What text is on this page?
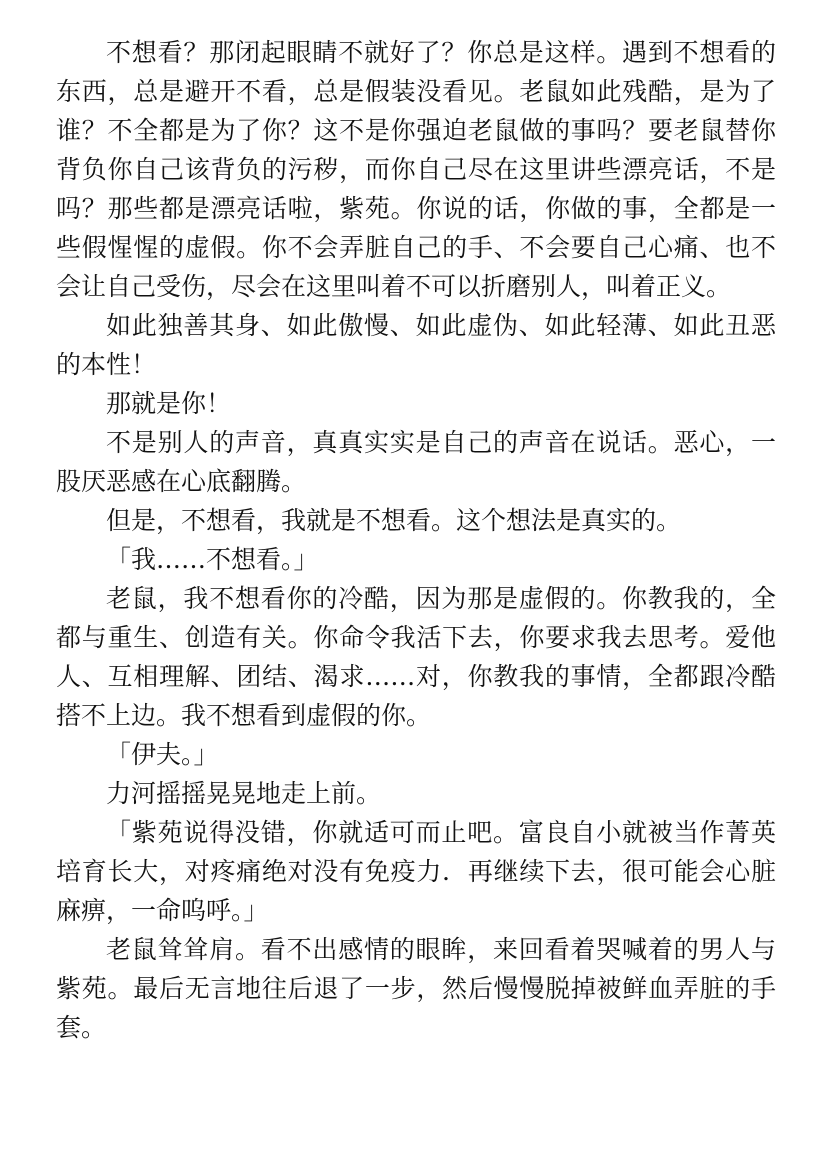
不想看？那闭起眼睛不就好了？你总是这样。遇到不想看的东西，总是避开不看，总是假装没看见。老鼠如此残酷，是为了谁？不全都是为了你？这不是你强迫老鼠做的事吗？要老鼠替你背负你自己该背负的污秽，而你自己尽在这里讲些漂亮话，不是吗？那些都是漂亮话啦，紫苑。你说的话，你做的事，全都是一些假惺惺的虚假。你不会弄脏自己的手、不会要自己心痛、也不会让自己受伤，尽会在这里叫着不可以折磨别人，叫着正义。

如此独善其身、如此傲慢、如此虚伪、如此轻薄、如此丑恶的本性！

那就是你！

不是别人的声音，真真实实是自己的声音在说话。恶心，一股厌恶感在心底翻腾。

但是，不想看，我就是不想看。这个想法是真实的。

「我……不想看。」

老鼠，我不想看你的冷酷，因为那是虚假的。你教我的，全都与重生、创造有关。你命令我活下去，你要求我去思考。爱他人、互相理解、团结、渴求……对，你教我的事情，全都跟冷酷搭不上边。我不想看到虚假的你。

「伊夫。」

力河摇摇晃晃地走上前。

「紫苑说得没错，你就适可而止吧。富良自小就被当作菁英培育长大，对疼痛绝对没有免疫力．再继续下去，很可能会心脏麻痹，一命呜呼。」

老鼠耸耸肩。看不出感情的眼眸，来回看着哭喊着的男人与紫苑。最后无言地往后退了一步，然后慢慢脱掉被鲜血弄脏的手套。
